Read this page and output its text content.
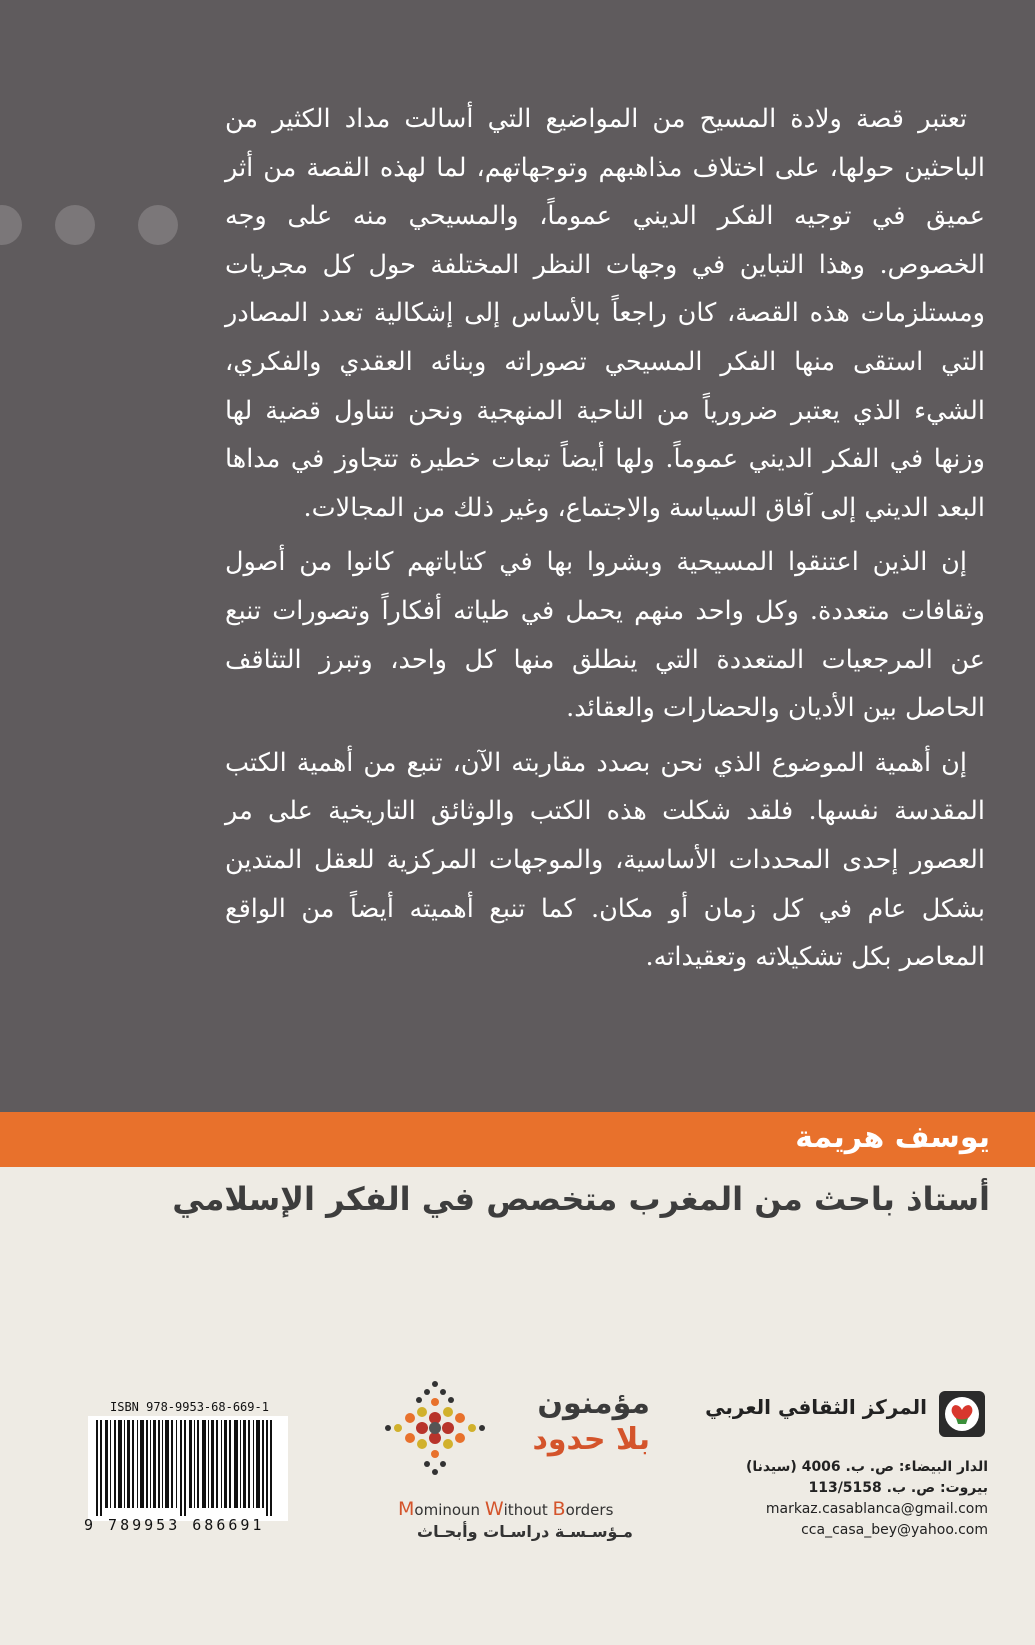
تعتبر قصة ولادة المسيح من المواضيع التي أسالت مداد الكثير من الباحثين حولها، على اختلاف مذاهبهم وتوجهاتهم، لما لهذه القصة من أثر عميق في توجيه الفكر الديني عموماً، والمسيحي منه على وجه الخصوص. وهذا التباين في وجهات النظر المختلفة حول كل مجريات ومستلزمات هذه القصة، كان راجعاً بالأساس إلى إشكالية تعدد المصادر التي استقى منها الفكر المسيحي تصوراته وبنائه العقدي والفكري، الشيء الذي يعتبر ضرورياً من الناحية المنهجية ونحن نتناول قضية لها وزنها في الفكر الديني عموماً. ولها أيضاً تبعات خطيرة تتجاوز في مداها البعد الديني إلى آفاق السياسة والاجتماع، وغير ذلك من المجالات.

إن الذين اعتنقوا المسيحية وبشروا بها في كتاباتهم كانوا من أصول وثقافات متعددة. وكل واحد منهم يحمل في طياته أفكاراً وتصورات تنبع عن المرجعيات المتعددة التي ينطلق منها كل واحد، وتبرز التثاقف الحاصل بين الأديان والحضارات والعقائد.

إن أهمية الموضوع الذي نحن بصدد مقاربته الآن، تنبع من أهمية الكتب المقدسة نفسها. فلقد شكلت هذه الكتب والوثائق التاريخية على مر العصور إحدى المحددات الأساسية، والموجهات المركزية للعقل المتدين بشكل عام في كل زمان أو مكان. كما تنبع أهميته أيضاً من الواقع المعاصر بكل تشكيلاته وتعقيداته.

يوسف هريمة
أستاذ باحث من المغرب متخصص في الفكر الإسلامي
المركز الثقافي العربي
الدار البيضاء: ص. ب. 4006 (سيدنا)
بيروت: ص. ب. 113/5158
markaz.casablanca@gmail.com
cca_casa_bey@yahoo.com
مؤمنون
بلا حدود
Mominoun Without Borders
مـؤسـسـة دراسـات وأبحـاث
ISBN 978-9953-68-669-1
9 789953 686691
